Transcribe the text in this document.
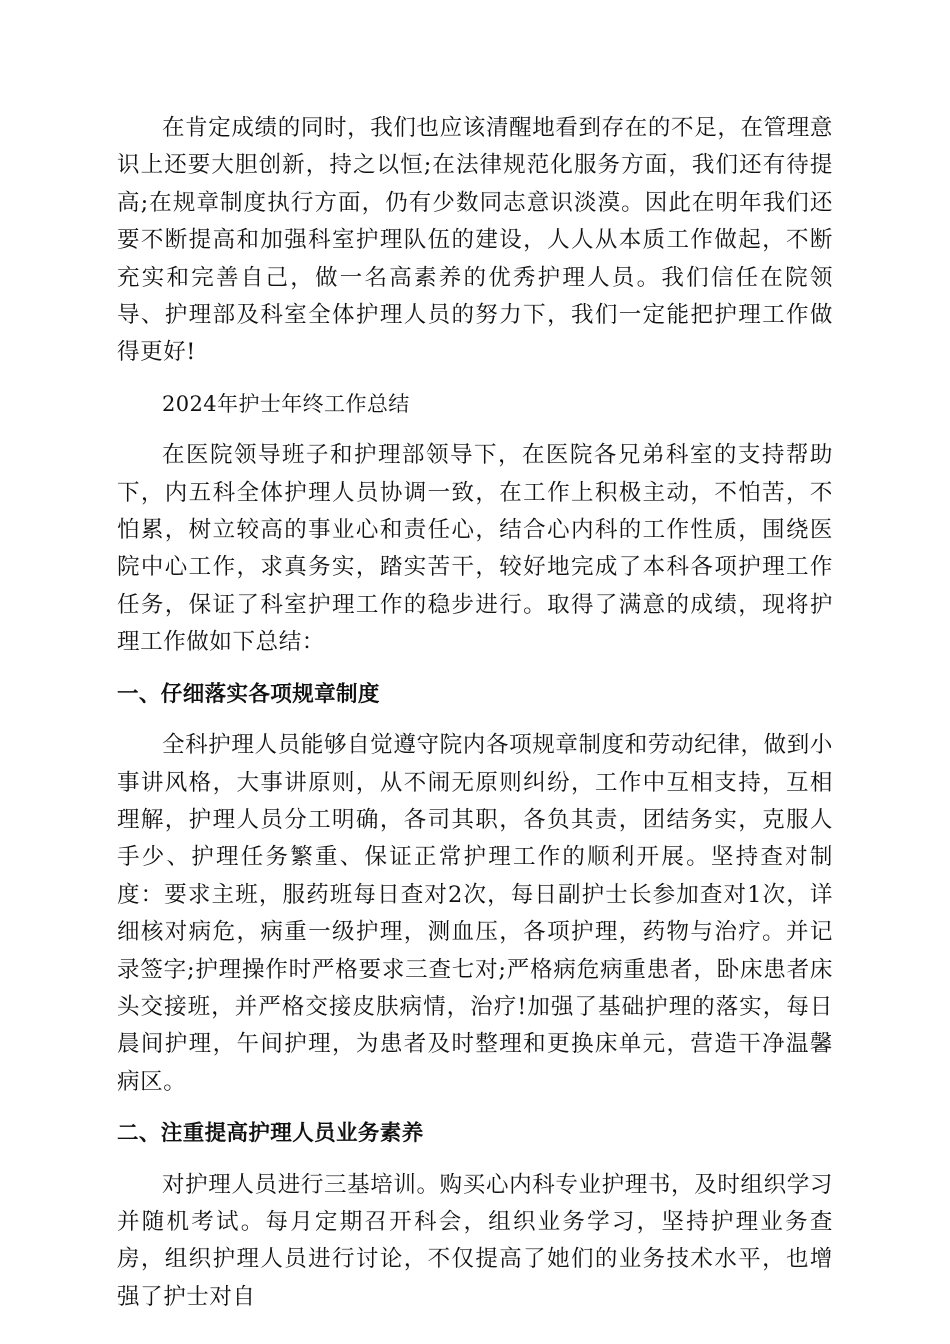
在肯定成绩的同时，我们也应该清醒地看到存在的不足，在管理意识上还要大胆创新，持之以恒;在法律规范化服务方面，我们还有待提高;在规章制度执行方面，仍有少数同志意识淡漠。因此在明年我们还要不断提高和加强科室护理队伍的建设，人人从本质工作做起，不断充实和完善自己，做一名高素养的优秀护理人员。我们信任在院领导、护理部及科室全体护理人员的努力下，我们一定能把护理工作做得更好!

2024年护士年终工作总结

在医院领导班子和护理部领导下，在医院各兄弟科室的支持帮助下，内五科全体护理人员协调一致，在工作上积极主动，不怕苦，不怕累，树立较高的事业心和责任心，结合心内科的工作性质，围绕医院中心工作，求真务实，踏实苦干，较好地完成了本科各项护理工作任务，保证了科室护理工作的稳步进行。取得了满意的成绩，现将护理工作做如下总结：

一、仔细落实各项规章制度

全科护理人员能够自觉遵守院内各项规章制度和劳动纪律，做到小事讲风格，大事讲原则，从不闹无原则纠纷，工作中互相支持，互相理解，护理人员分工明确，各司其职，各负其责，团结务实，克服人手少、护理任务繁重、保证正常护理工作的顺利开展。坚持查对制度：要求主班，服药班每日查对2次，每日副护士长参加查对1次，详细核对病危，病重一级护理，测血压，各项护理，药物与治疗。并记录签字;护理操作时严格要求三查七对;严格病危病重患者，卧床患者床头交接班，并严格交接皮肤病情，治疗!加强了基础护理的落实，每日晨间护理，午间护理，为患者及时整理和更换床单元，营造干净温馨病区。

二、注重提高护理人员业务素养

对护理人员进行三基培训。购买心内科专业护理书，及时组织学习并随机考试。每月定期召开科会，组织业务学习，坚持护理业务查房，组织护理人员进行讨论，不仅提高了她们的业务技术水平，也增强了护士对自
